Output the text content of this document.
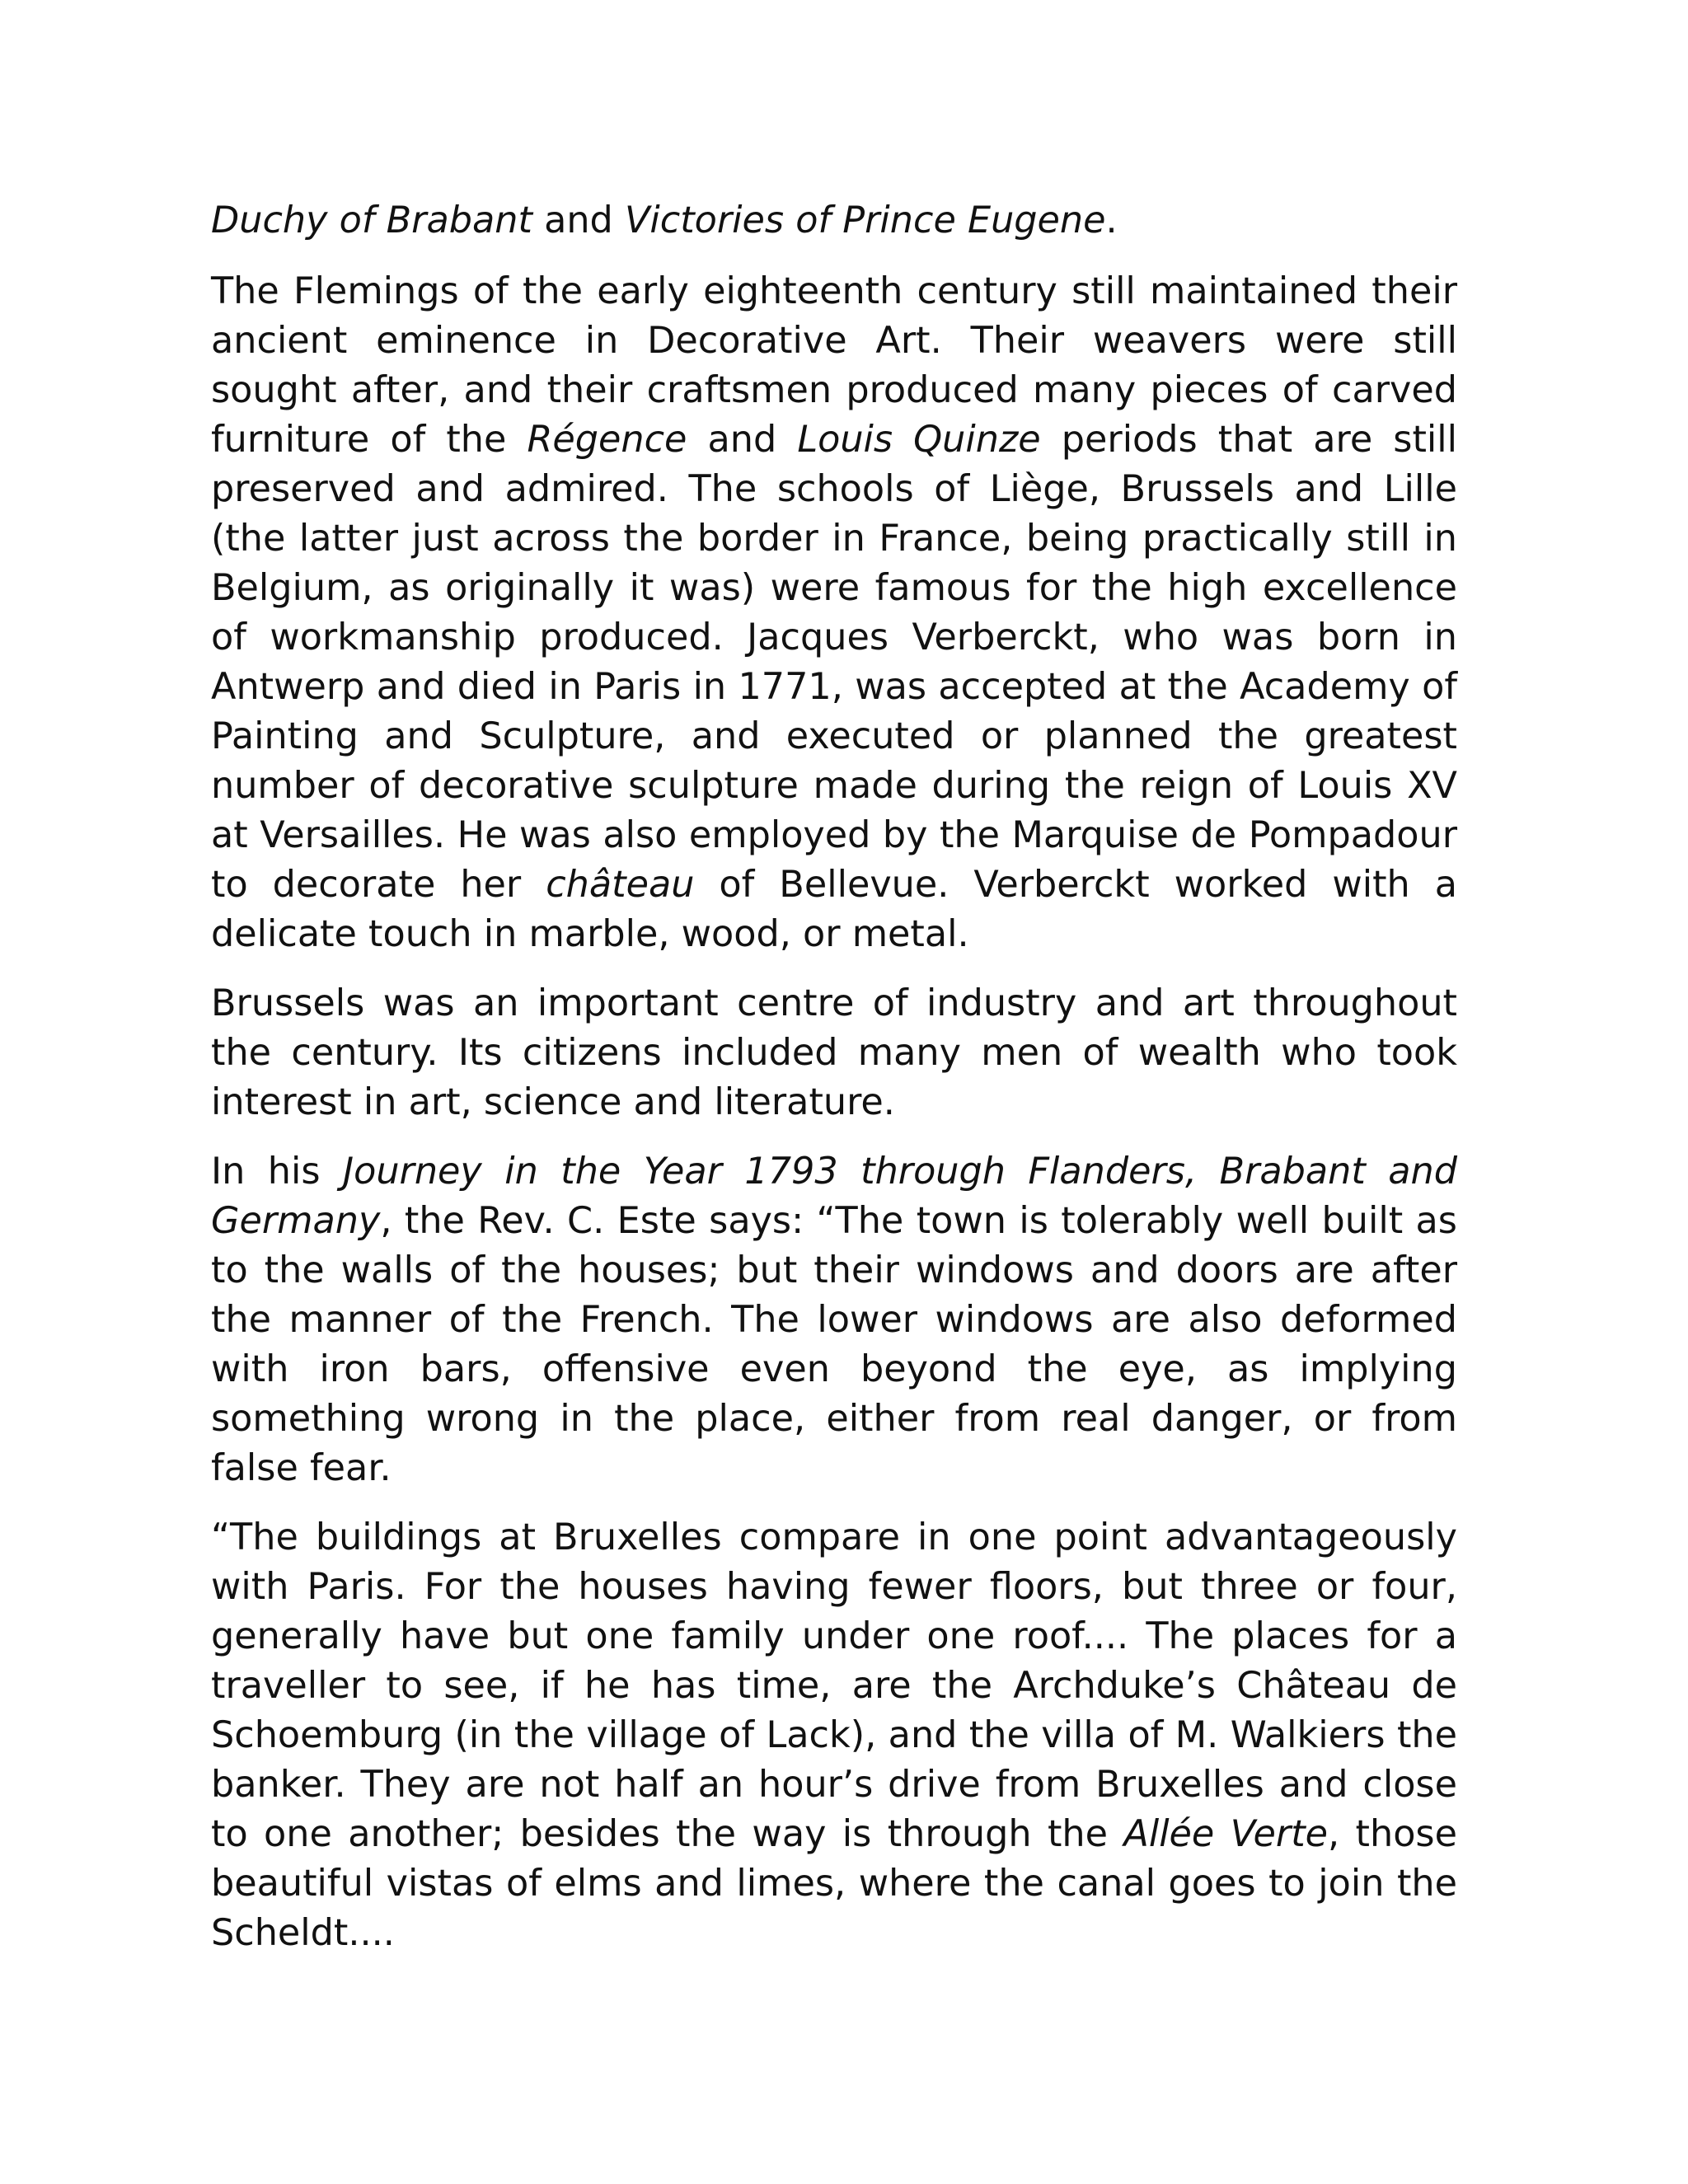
Duchy of Brabant and Victories of Prince Eugene.

The Flemings of the early eighteenth century still maintained their ancient eminence in Decorative Art. Their weavers were still sought after, and their craftsmen produced many pieces of carved furniture of the Régence and Louis Quinze periods that are still preserved and admired. The schools of Liège, Brussels and Lille (the latter just across the border in France, being practically still in Belgium, as originally it was) were famous for the high excellence of workmanship produced. Jacques Verberckt, who was born in Antwerp and died in Paris in 1771, was accepted at the Academy of Painting and Sculpture, and executed or planned the greatest number of decorative sculpture made during the reign of Louis XV at Versailles. He was also employed by the Marquise de Pompadour to decorate her château of Bellevue. Verberckt worked with a delicate touch in marble, wood, or metal.

Brussels was an important centre of industry and art throughout the century. Its citizens included many men of wealth who took interest in art, science and literature.

In his Journey in the Year 1793 through Flanders, Brabant and Germany, the Rev. C. Este says: “The town is tolerably well built as to the walls of the houses; but their windows and doors are after the manner of the French. The lower windows are also deformed with iron bars, offensive even beyond the eye, as implying something wrong in the place, either from real danger, or from false fear.

“The buildings at Bruxelles compare in one point advantageously with Paris. For the houses having fewer floors, but three or four, generally have but one family under one roof.... The places for a traveller to see, if he has time, are the Archduke’s Château de Schoemburg (in the village of Lack), and the villa of M. Walkiers the banker. They are not half an hour’s drive from Bruxelles and close to one another; besides the way is through the Allée Verte, those beautiful vistas of elms and limes, where the canal goes to join the Scheldt....
